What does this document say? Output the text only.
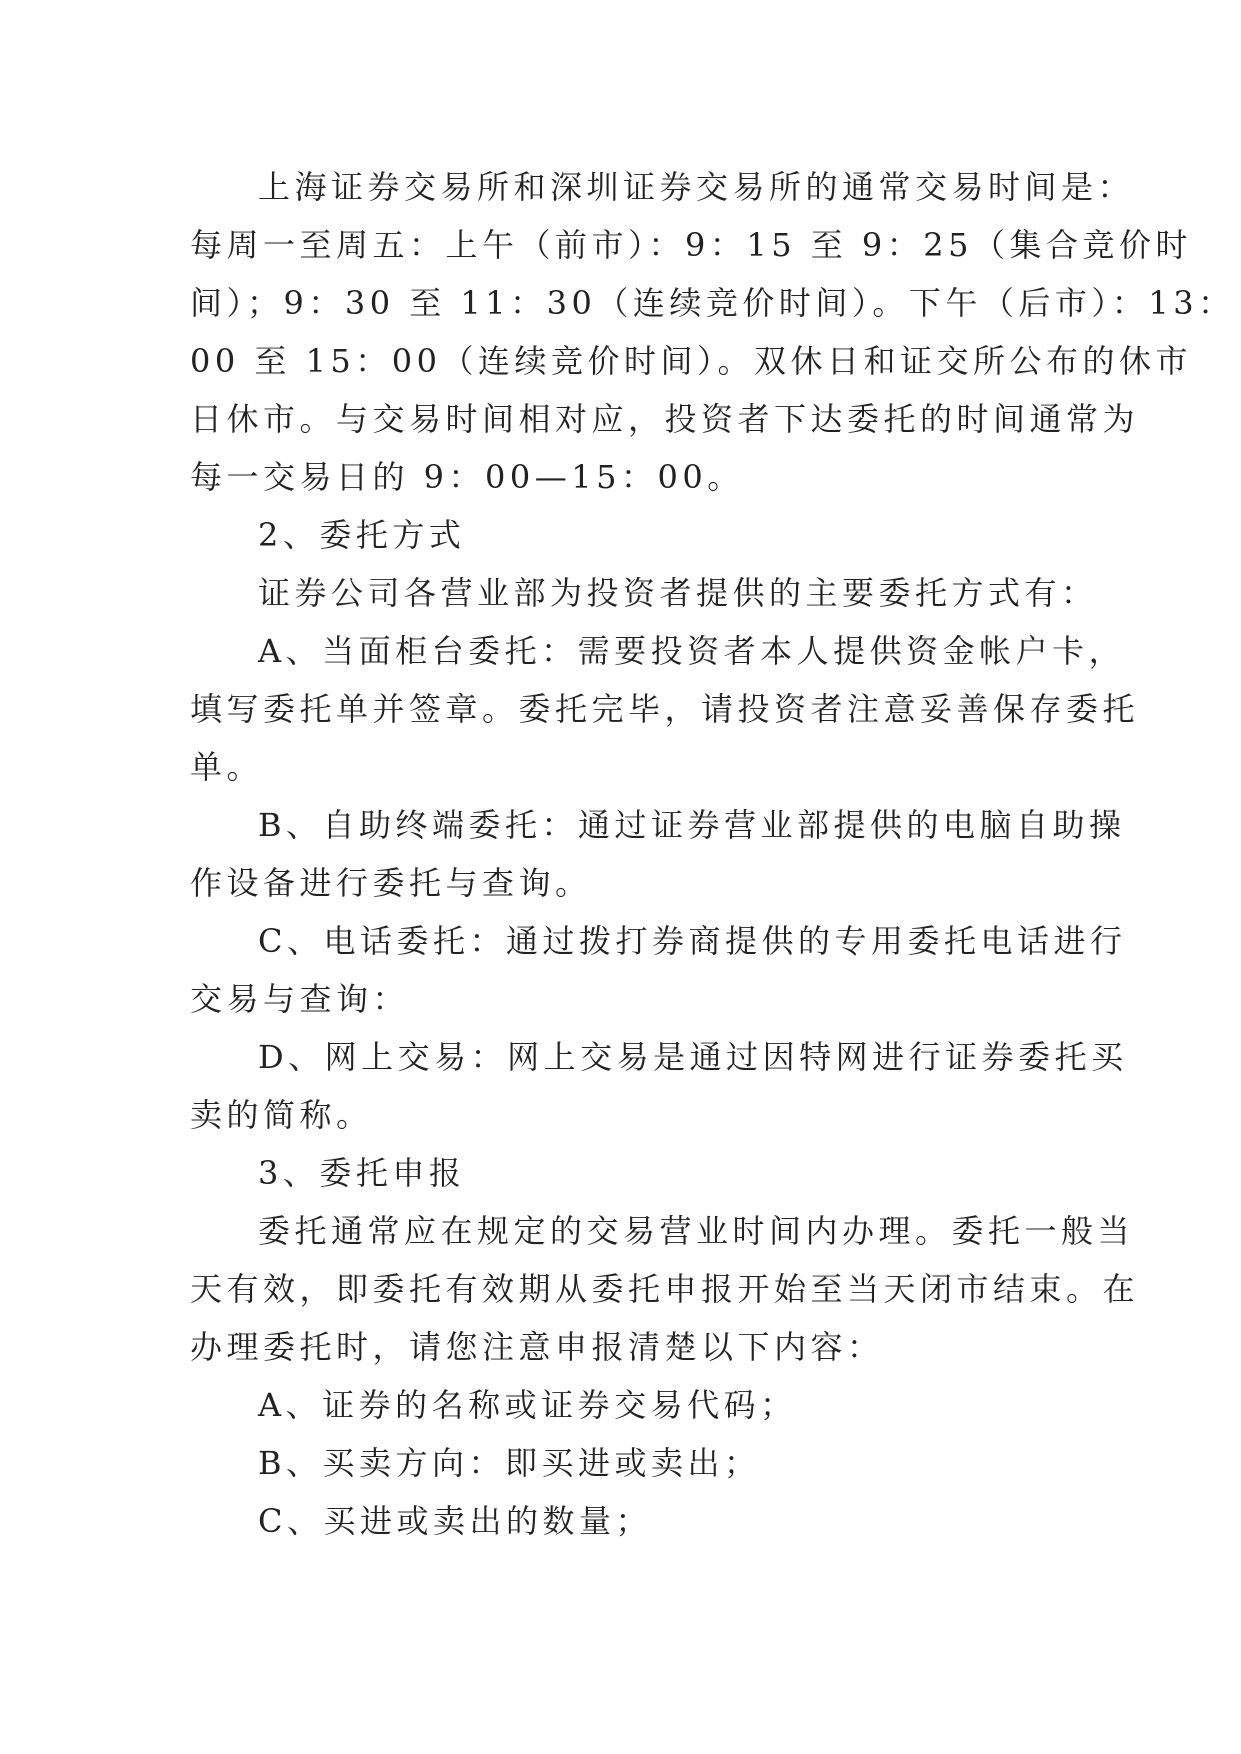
上海证券交易所和深圳证券交易所的通常交易时间是：
每周一至周五：上午（前市）：9：15 至 9：25（集合竞价时
间）；9：30 至 11：30（连续竞价时间）。下午（后市）：13：
00 至 15：00（连续竞价时间）。双休日和证交所公布的休市
日休市。与交易时间相对应，投资者下达委托的时间通常为
每一交易日的 9：00—15：00。

2、委托方式

证券公司各营业部为投资者提供的主要委托方式有：

A、当面柜台委托：需要投资者本人提供资金帐户卡，
填写委托单并签章。委托完毕，请投资者注意妥善保存委托
单。

B、自助终端委托：通过证券营业部提供的电脑自助操
作设备进行委托与查询。

C、电话委托：通过拨打券商提供的专用委托电话进行
交易与查询：

D、网上交易：网上交易是通过因特网进行证券委托买
卖的简称。

3、委托申报

委托通常应在规定的交易营业时间内办理。委托一般当
天有效，即委托有效期从委托申报开始至当天闭市结束。在
办理委托时，请您注意申报清楚以下内容：

A、证券的名称或证券交易代码；

B、买卖方向：即买进或卖出；

C、买进或卖出的数量；
